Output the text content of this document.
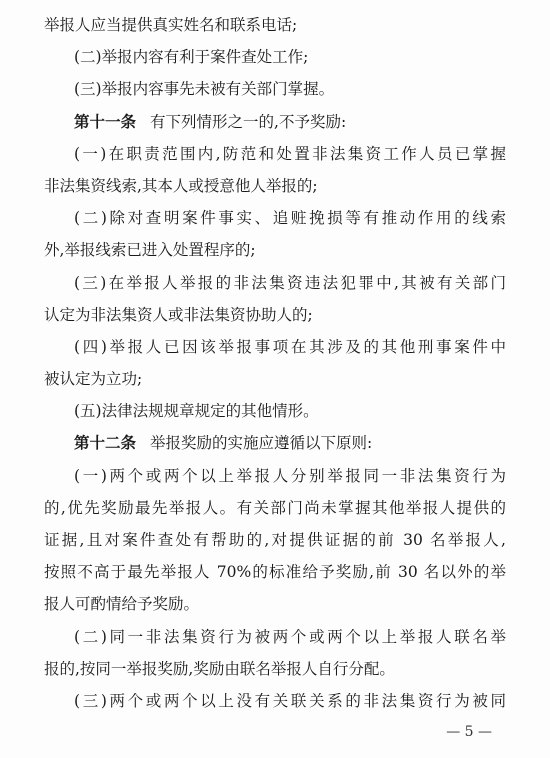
举报人应当提供真实姓名和联系电话;
(二)举报内容有利于案件查处工作;
(三)举报内容事先未被有关部门掌握。
第十一条 有下列情形之一的,不予奖励:
(一)在职责范围内,防范和处置非法集资工作人员已掌握
非法集资线索,其本人或授意他人举报的;
(二)除对查明案件事实、追赃挽损等有推动作用的线索
外,举报线索已进入处置程序的;
(三)在举报人举报的非法集资违法犯罪中,其被有关部门
认定为非法集资人或非法集资协助人的;
(四)举报人已因该举报事项在其涉及的其他刑事案件中
被认定为立功;
(五)法律法规规章规定的其他情形。
第十二条 举报奖励的实施应遵循以下原则:
(一)两个或两个以上举报人分别举报同一非法集资行为
的,优先奖励最先举报人。有关部门尚未掌握其他举报人提供的
证据,且对案件查处有帮助的,对提供证据的前 30 名举报人,
按照不高于最先举报人 70%的标准给予奖励,前 30 名以外的举
报人可酌情给予奖励。
(二)同一非法集资行为被两个或两个以上举报人联名举
报的,按同一举报奖励,奖励由联名举报人自行分配。
(三)两个或两个以上没有关联关系的非法集资行为被同
— 5 —
